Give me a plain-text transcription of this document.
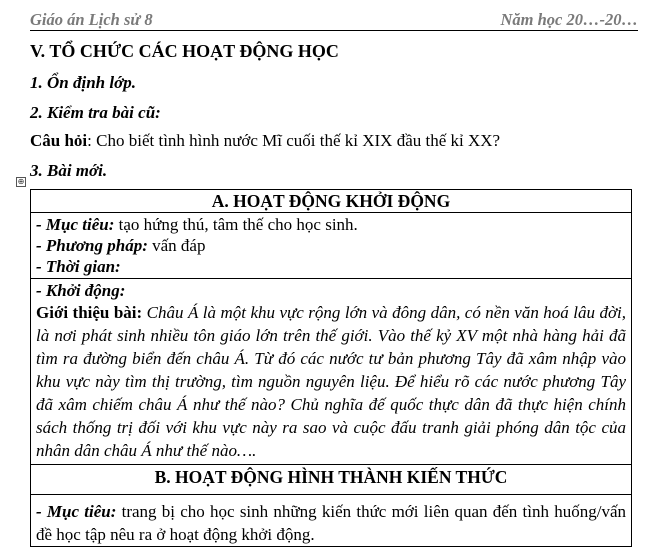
Giáo án Lịch sử 8	Năm học 20…-20…
V. TỔ CHỨC CÁC HOẠT ĐỘNG HỌC
1. Ổn định lớp.
2. Kiểm tra bài cũ:
Câu hỏi: Cho biết tình hình nước Mĩ cuối thế kỉ XIX đầu thế kỉ XX?
3. Bài mới.
⊕
A. HOẠT ĐỘNG KHỞI ĐỘNG

- Mục tiêu: tạo hứng thú, tâm thế cho học sinh.
- Phương pháp: vấn đáp
- Thời gian:

- Khởi động:
Giới thiệu bài: Châu Á là một khu vực rộng lớn và đông dân, có nền văn hoá lâu đời, là nơi phát sinh nhiều tôn giáo lớn trên thế giới. Vào thế kỷ XV một nhà hàng hải đã tìm ra đường biển đến châu Á. Từ đó các nước tư bản phương Tây đã xâm nhập vào khu vực này tìm thị trường, tìm nguồn nguyên liệu. Để hiểu rõ các nước phương Tây đã xâm chiếm châu Á như thế nào? Chủ nghĩa đế quốc thực dân đã thực hiện chính sách thống trị đối với khu vực này ra sao và cuộc đấu tranh giải phóng dân tộc của nhân dân châu Á như thế nào….

B. HOẠT ĐỘNG HÌNH THÀNH KIẾN THỨC

- Mục tiêu: trang bị cho học sinh những kiến thức mới liên quan đến tình huống/vấn đề học tập nêu ra ở hoạt động khởi động.
